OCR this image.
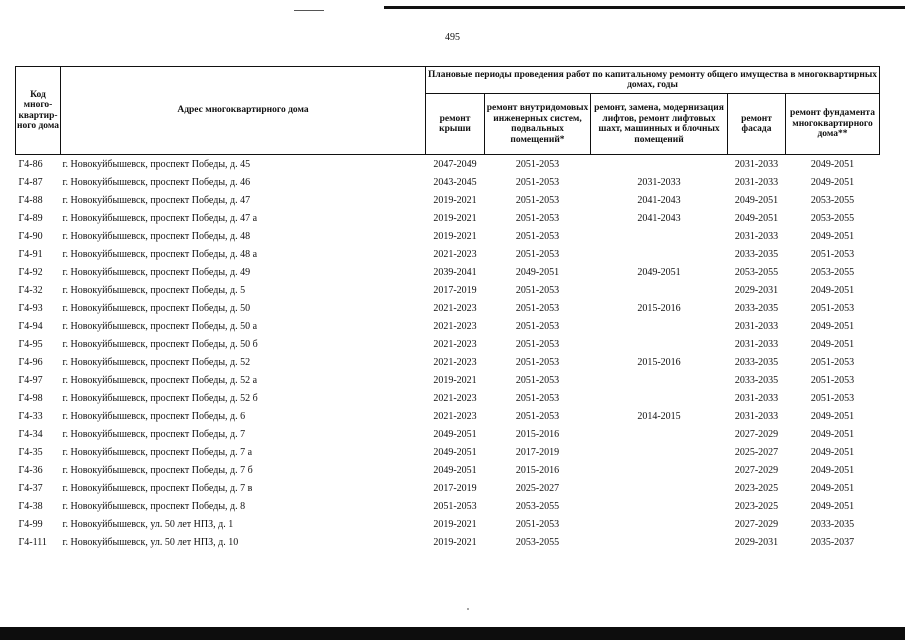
495
Код много-квартир-ного дома	Адрес многоквартирного дома	Плановые периоды проведения работ по капитальному ремонту общего имущества в многоквартирных домах, годы				
		ремонт крыши	ремонт внутридомовых инженерных систем, подвальных помещений*	ремонт, замена, модернизация лифтов, ремонт лифтовых шахт, машинных и блочных помещений	ремонт фасада	ремонт фундамента многоквартирного дома**
Г4-86	г. Новокуйбышевск, проспект Победы, д. 45	2047-2049	2051-2053		2031-2033	2049-2051
Г4-87	г. Новокуйбышевск, проспект Победы, д. 46	2043-2045	2051-2053	2031-2033	2031-2033	2049-2051
Г4-88	г. Новокуйбышевск, проспект Победы, д. 47	2019-2021	2051-2053	2041-2043	2049-2051	2053-2055
Г4-89	г. Новокуйбышевск, проспект Победы, д. 47 а	2019-2021	2051-2053	2041-2043	2049-2051	2053-2055
Г4-90	г. Новокуйбышевск, проспект Победы, д. 48	2019-2021	2051-2053		2031-2033	2049-2051
Г4-91	г. Новокуйбышевск, проспект Победы, д. 48 а	2021-2023	2051-2053		2033-2035	2051-2053
Г4-92	г. Новокуйбышевск, проспект Победы, д. 49	2039-2041	2049-2051	2049-2051	2053-2055	2053-2055
Г4-32	г. Новокуйбышевск, проспект Победы, д. 5	2017-2019	2051-2053		2029-2031	2049-2051
Г4-93	г. Новокуйбышевск, проспект Победы, д. 50	2021-2023	2051-2053	2015-2016	2033-2035	2051-2053
Г4-94	г. Новокуйбышевск, проспект Победы, д. 50 а	2021-2023	2051-2053		2031-2033	2049-2051
Г4-95	г. Новокуйбышевск, проспект Победы, д. 50 б	2021-2023	2051-2053		2031-2033	2049-2051
Г4-96	г. Новокуйбышевск, проспект Победы, д. 52	2021-2023	2051-2053	2015-2016	2033-2035	2051-2053
Г4-97	г. Новокуйбышевск, проспект Победы, д. 52 а	2019-2021	2051-2053		2033-2035	2051-2053
Г4-98	г. Новокуйбышевск, проспект Победы, д. 52 б	2021-2023	2051-2053		2031-2033	2051-2053
Г4-33	г. Новокуйбышевск, проспект Победы, д. 6	2021-2023	2051-2053	2014-2015	2031-2033	2049-2051
Г4-34	г. Новокуйбышевск, проспект Победы, д. 7	2049-2051	2015-2016		2027-2029	2049-2051
Г4-35	г. Новокуйбышевск, проспект Победы, д. 7 а	2049-2051	2017-2019		2025-2027	2049-2051
Г4-36	г. Новокуйбышевск, проспект Победы, д. 7 б	2049-2051	2015-2016		2027-2029	2049-2051
Г4-37	г. Новокуйбышевск, проспект Победы, д. 7 в	2017-2019	2025-2027		2023-2025	2049-2051
Г4-38	г. Новокуйбышевск, проспект Победы, д. 8	2051-2053	2053-2055		2023-2025	2049-2051
Г4-99	г. Новокуйбышевск, ул. 50 лет НПЗ, д. 1	2019-2021	2051-2053		2027-2029	2033-2035
Г4-111	г. Новокуйбышевск, ул. 50 лет НПЗ, д. 10	2019-2021	2053-2055		2029-2031	2035-2037
